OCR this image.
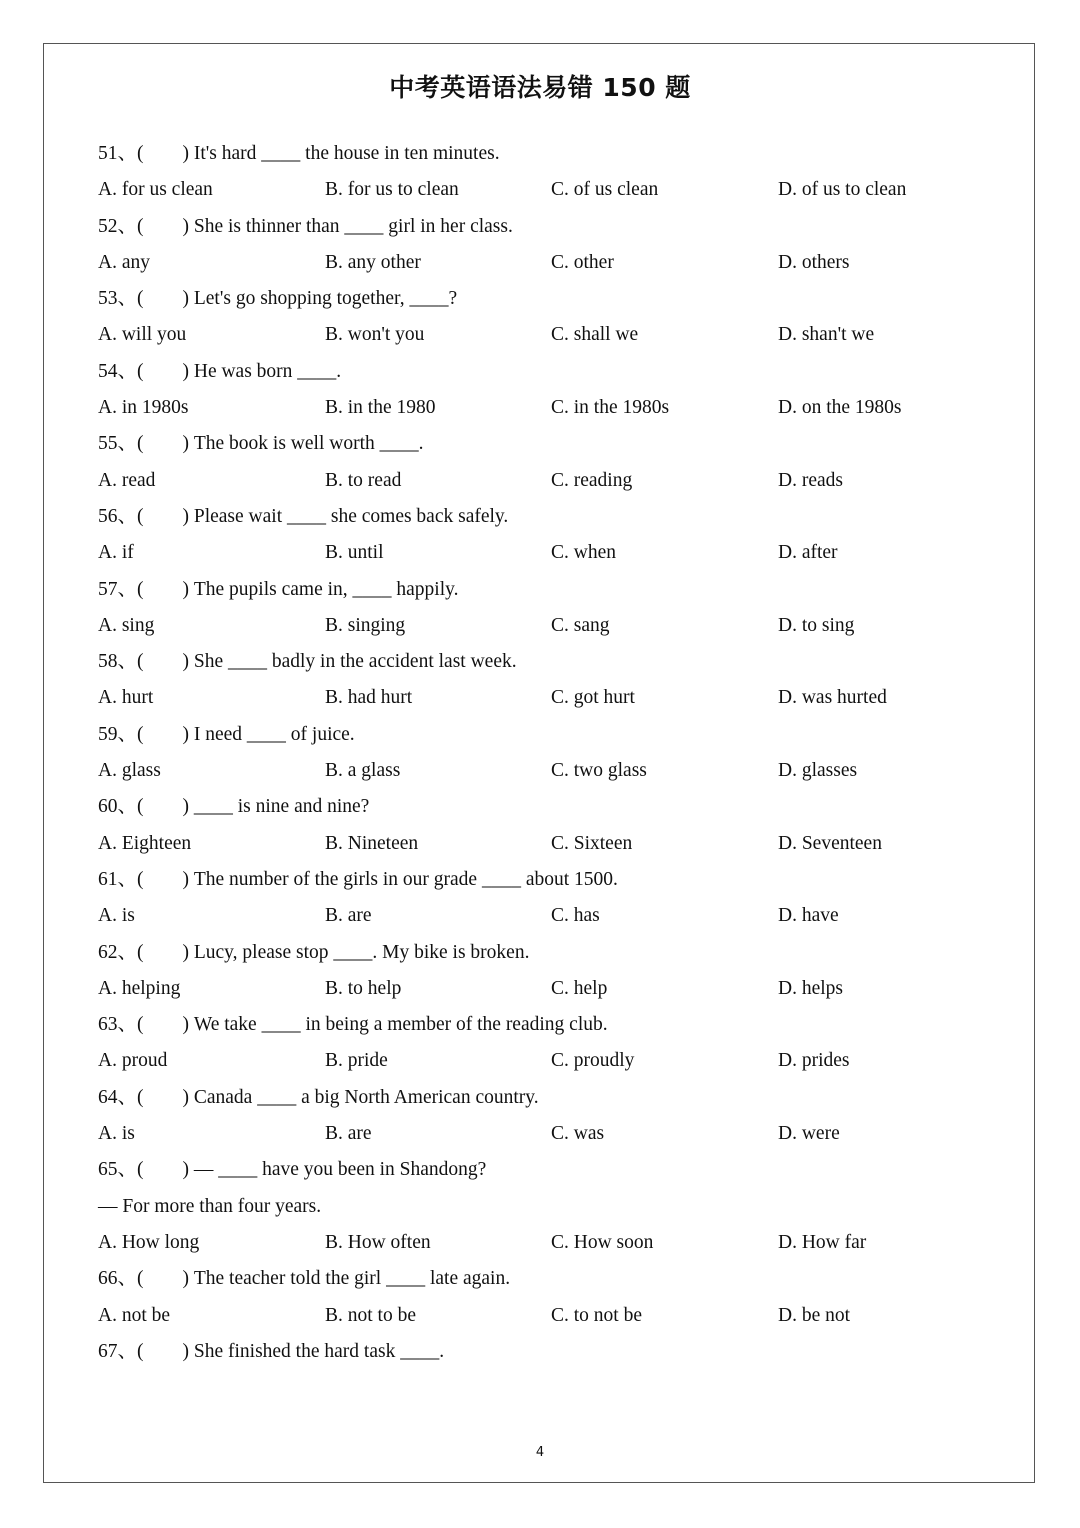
中考英语语法易错 150 题
51、(　　) It's hard ____ the house in ten minutes.
A. for us clean	B. for us to clean	C. of us clean	D. of us to clean
52、(　　) She is thinner than ____ girl in her class.
A. any	B. any other	C. other	D. others
53、(　　) Let's go shopping together, ____?
A. will you	B. won't you	C. shall we	D. shan't we
54、(　　) He was born ____.
A. in 1980s	B. in the 1980	C. in the 1980s	D. on the 1980s
55、(　　) The book is well worth ____.
A. read	B. to read	C. reading	D. reads
56、(　　) Please wait ____ she comes back safely.
A. if	B. until	C. when	D. after
57、(　　) The pupils came in, ____ happily.
A. sing	B. singing	C. sang	D. to sing
58、(　　) She ____ badly in the accident last week.
A. hurt	B. had hurt	C. got hurt	D. was hurted
59、(　　) I need ____ of juice.
A. glass	B. a glass	C. two glass	D. glasses
60、(　　) ____ is nine and nine?
A. Eighteen	B. Nineteen	C. Sixteen	D. Seventeen
61、(　　) The number of the girls in our grade ____ about 1500.
A. is	B. are	C. has	D. have
62、(　　) Lucy, please stop ____. My bike is broken.
A. helping	B. to help	C. help	D. helps
63、(　　) We take ____ in being a member of the reading club.
A. proud	B. pride	C. proudly	D. prides
64、(　　) Canada ____ a big North American country.
A. is	B. are	C. was	D. were
65、(　　) — ____ have you been in Shandong?
— For more than four years.
A. How long	B. How often	C. How soon	D. How far
66、(　　) The teacher told the girl ____ late again.
A. not be	B. not to be	C. to not be	D. be not
67、(　　) She finished the hard task ____.
4
